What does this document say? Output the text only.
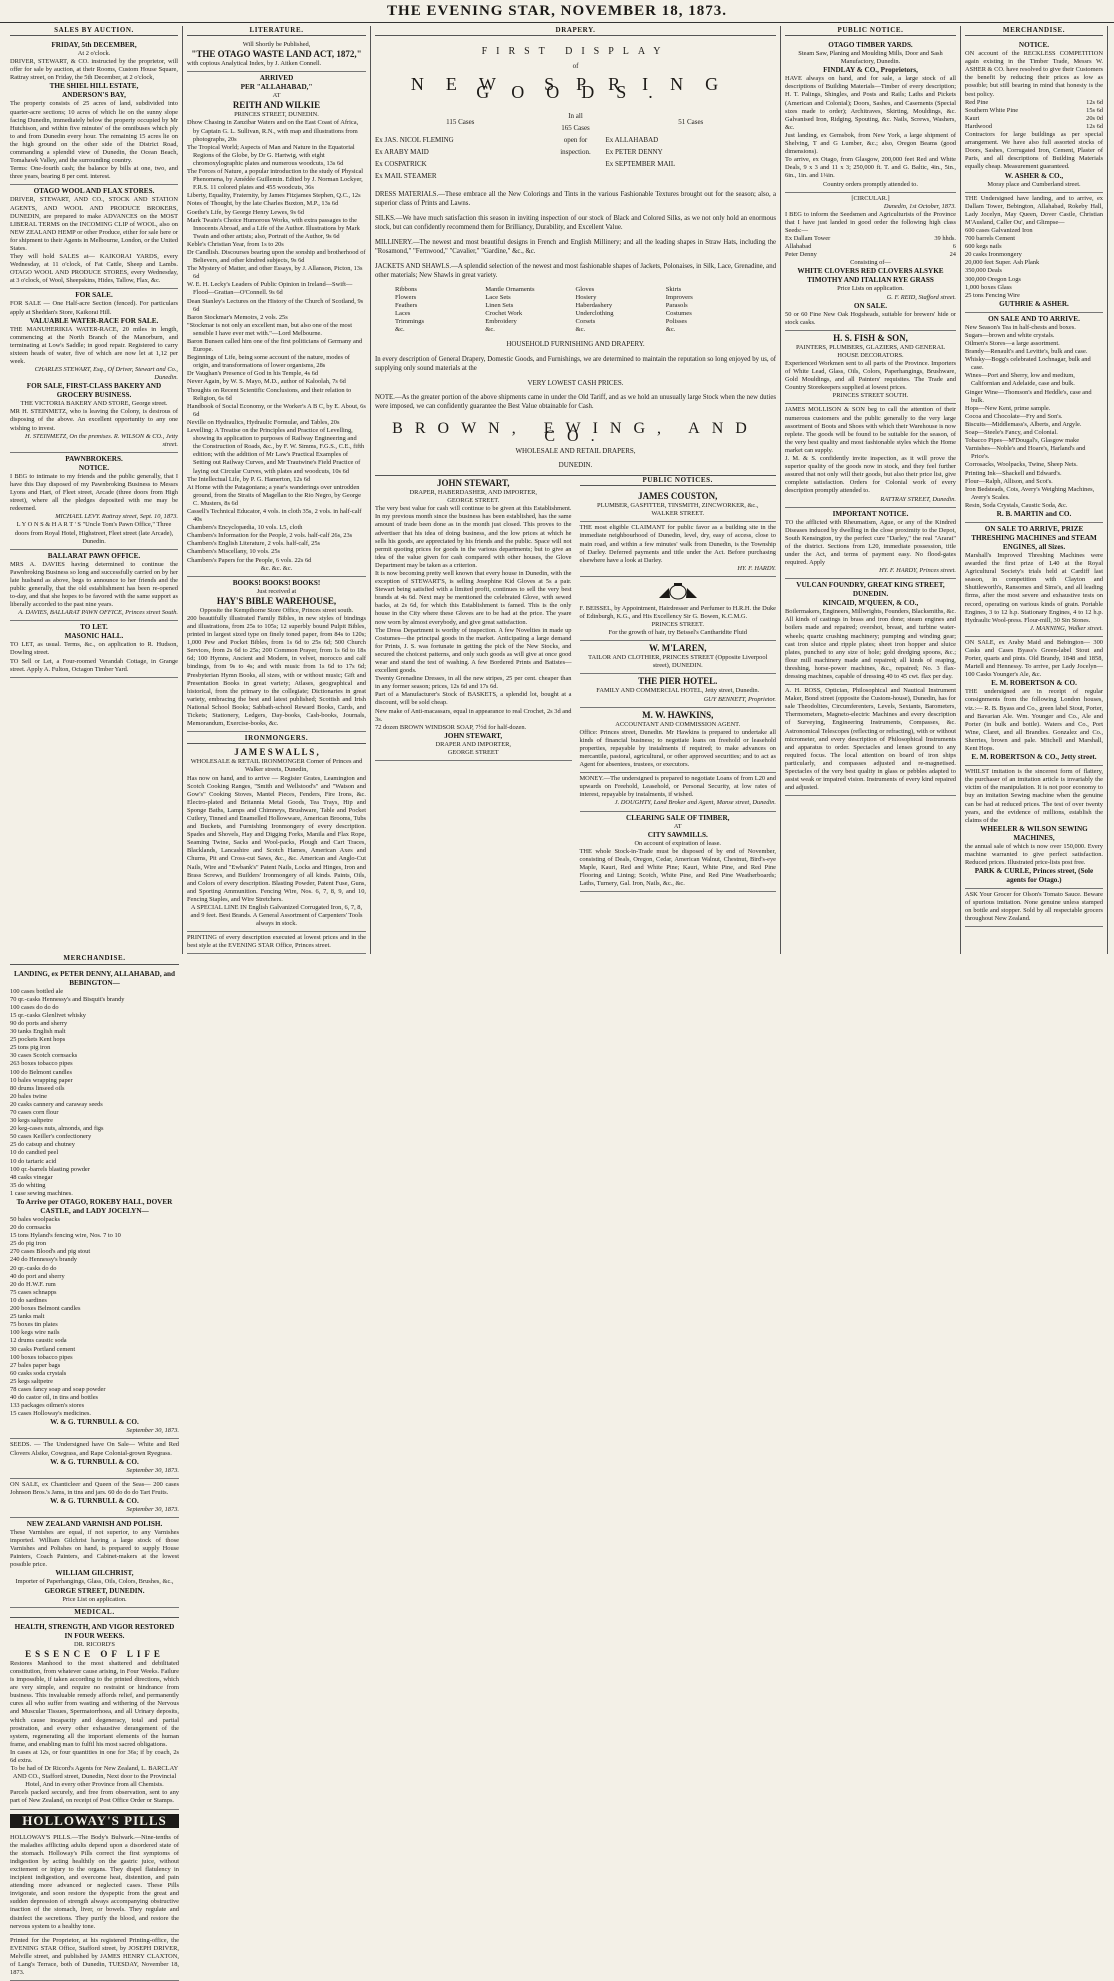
THE EVENING STAR, NOVEMBER 18, 1873.
SALES BY AUCTION.
FRIDAY, 5th DECEMBER,
At 2 o'clock.
DRIVER, STEWART, & CO. instructed by the proprietor, will offer for sale by auction, at their Rooms, Custom House Square, Rattray street, on Friday, the 5th December, at 2 o'clock,
THE SHIEL HILL ESTATE,
ANDERSON'S BAY,
The property consists of 25 acres of land, subdivided into quarter-acre sections; 10 acres of which lie on the sunny slope facing Dunedin, immediately below the property occupied by Mr Hutchison, and within five minutes' of the omnibuses which ply to and from Dunedin every hour. The remaining 15 acres lie on the high ground on the other side of the District Road, commanding a splendid view of Dunedin, the Ocean Beach, Tomahawk Valley, and the surrounding country.
Terms: One-fourth cash; the balance by bills at one, two, and three years, bearing 8 per cent. interest.
OTAGO WOOL AND FLAX STORES.
DRIVER, STEWART, AND CO., STOCK AND STATION AGENTS, AND WOOL AND PRODUCE BROKERS, DUNEDIN, are prepared to make ADVANCES on the MOST LIBERAL TERMS on the INCOMING CLIP of WOOL, also on NEW ZEALAND HEMP or other Produce, either for sale here or for shipment to their Agents in Melbourne, London, or the United States.
They will hold SALES at— KAIKORAI YARDS, every Wednesday, at 11 o'clock, of Fat Cattle, Sheep and Lambs. OTAGO WOOL AND PRODUCE STORES, every Wednesday, at 3 o'clock, of Wool, Sheepskins, Hides, Tallow, Flax, &c.
FOR SALE.
FOR SALE — One Half-acre Section (fenced). For particulars apply at Sheddan's Store, Kaikorai Hill.
VALUABLE WATER-RACE FOR SALE.
THE MANUHERIKIA WATER-RACE, 20 miles in length, commencing at the North Branch of the Manorburn, and terminating at Low's Saddle; in good repair. Registered to carry sixteen heads of water, five of which are now let at 1,12 per week.
CHARLES STEWART, Esq., Of Driver, Stewart and Co., Dunedin.
FOR SALE, FIRST-CLASS BAKERY AND GROCERY BUSINESS.
THE VICTORIA BAKERY AND STORE, George street.
MR H. STEINMETZ, who is leaving the Colony, is desirous of disposing of the above. An excellent opportunity to any one wishing to invest.
H. STEINMETZ, On the premises. R. WILSON & CO., Jetty street.
PAWNBROKERS.
NOTICE.
I BEG to intimate to my friends and the public generally, that I have this Day disposed of my Pawnbroking Business to Messrs Lyons and Hart, of Fleet street, Arcade (three doors from High street), where all the pledges deposited with me may be redeemed.
MICHAEL LEVY. Rattray street, Sept. 10, 1873.
L Y O N S & H A R T ' S "Uncle Tom's Pawn Office," Three doors from Royal Hotel, Highstreet, Fleet street (late Arcade), Dunedin.
BALLARAT PAWN OFFICE.
MRS A. DAVIES having determined to continue the Pawnbroking Business so long and successfully carried on by her late husband as above, begs to announce to her friends and the public generally, that the old establishment has been re-opened to-day, and that she hopes to be favored with the same support as liberally accorded to the past nine years.
A. DAVIES, BALLARAT PAWN OFFICE, Princes street South.
TO LET.
MASONIC HALL.
TO LET, as usual. Terms, &c., on application to R. Hudson, Dowling street.
TO Sell or Let, a Four-roomed Verandah Cottage, in Grange street. Apply A. Fulton, Octagon Timber Yard.
LITERATURE.
Will Shortly be Published,
"THE OTAGO WASTE LAND ACT, 1872,"
with copious Analytical Index, by J. Aitken Connell.
ARRIVED
PER "ALLAHABAD,"
AT
REITH AND WILKIE
PRINCES STREET, DUNEDIN.
Dhow Chasing in Zanzibar Waters and on the East Coast of Africa, by Captain G. L. Sullivan, R.N., with map and illustrations from photographs, 20s
The Tropical World; Aspects of Man and Nature in the Equatorial Regions of the Globe, by Dr G. Hartwig, with eight chromoxylographic plates and numerous woodcuts, 13s 6d
The Forces of Nature, a popular introduction to the study of Physical Phenomena, by Amédée Guillemin. Edited by J. Norman Lockyer, F.R.S. 11 colored plates and 455 woodcuts, 36s
Liberty, Equality, Fraternity, by James Fitzjames Stephen, Q.C., 12s
Notes of Thought, by the late Charles Buxton, M.P., 13s 6d
Goethe's Life, by George Henry Lewes, 9s 6d
Mark Twain's Choice Humorous Works, with extra passages to the Innocents Abroad, and a Life of the Author. Illustrations by Mark Twain and other artists; also, Portrait of the Author, 9s 6d
Keble's Christian Year, from 1s to 20s
Dr Candlish. Discourses bearing upon the sonship and brotherhood of Believers, and other kindred subjects, 9s 6d
The Mystery of Matter, and other Essays, by J. Allanson, Picton, 13s 6d
W. E. H. Lecky's Leaders of Public Opinion in Ireland—Swift—Flood—Grattan—O'Connell. 9s 6d
Dean Stanley's Lectures on the History of the Church of Scotland, 9s 6d
Baron Stockmar's Memoirs, 2 vols. 25s
"Stockmar is not only an excellent man, but also one of the most sensible I have ever met with."—Lord Melbourne.
Baron Bunsen called him one of the first politicians of Germany and Europe.
Beginnings of Life, being some account of the nature, modes of origin, and transformations of lower organisms, 28s
Dr Vaughan's Presence of God in his Temple, 4s 6d
Never Again, by W. S. Mayo, M.D., author of Kaloolah, 7s 6d
Thoughts on Recent Scientific Conclusions, and their relation to Religion, 6s 6d
Handbook of Social Economy, or the Worker's A B C, by E. About, 6s 6d
Neville on Hydraulics, Hydraulic Formulæ, and Tables, 20s
Levelling: A Treatise on the Principles and Practice of Levelling, showing its application to purposes of Railway Engineering and the Construction of Roads, &c., by F. W. Simms, F.G.S., C.E., fifth edition; with the addition of Mr Law's Practical Examples of Setting out Railway Curves, and Mr Trautwine's Field Practice of laying out Circular Curves, with plates and woodcuts, 10s 6d
The Intellectual Life, by P. G. Hamerton, 12s 6d
At Home with the Patagonians; a year's wanderings over untrodden ground, from the Straits of Magellan to the Rio Negro, by George C. Musters, 8s 6d
Cassell's Technical Educator, 4 vols. in cloth 35s, 2 vols. in half-calf 40s
Chambers's Encyclopædia, 10 vols. L5, cloth
Chambers's Information for the People, 2 vols. half-calf 26s, 23s
Chambers's English Literature, 2 vols. half-calf, 25s
Chambers's Miscellany, 10 vols. 25s
Chambers's Papers for the People, 6 vols. 22s 6d
&c. &c. &c.
BOOKS! BOOKS! BOOKS!
Just received at
HAY'S BIBLE WAREHOUSE,
Opposite the Kempthorne Store Office, Princes street south.
200 beautifully illustrated Family Bibles, in new styles of bindings and illustrations, from 25s to 105s; 12 superbly bound Pulpit Bibles, printed in largest sized type on finely toned paper, from 84s to 120s; 1,000 Pew and Pocket Bibles, from 1s 6d to 25s 6d; 500 Church Services, from 2s 6d to 25s; 200 Common Prayer, from 1s 6d to 18s 6d; 100 Hymns, Ancient and Modern, in velvet, morocco and calf bindings, from 9s to 4s; and with music from 1s 6d to 17s 6d; Presbyterian Hymn Books, all sizes, with or without music; Gift and Presentation Books in great variety; Atlases, geographical and historical, from the primary to the collegiate; Dictionaries in great variety, embracing the best and latest published; Scottish and Irish National School Books; Sabbath-school Reward Books, Cards, and Tickets; Stationery, Ledgers, Day-books, Cash-books, Journals, Memorandum, Exercise-books, &c.
IRONMONGERS.
J A M E S W A L L S ,
WHOLESALE & RETAIL IRONMONGER Corner of Princes and Walker streets, Dunedin,
Has now on hand, and to arrive — Register Grates, Leamington and Scotch Cooking Ranges, "Smith and Wellstood's" and "Watson and Gow's" Cooking Stoves, Mantel Pieces, Fenders, Fire Irons, &c. Electro-plated and Britannia Metal Goods, Tea Trays, Hip and Sponge Baths, Lamps and Chimneys, Brushware, Table and Pocket Cutlery, Tinned and Enamelled Hollowware, American Brooms, Tubs and Buckets, and Furnishing Ironmongery of every description. Spades and Shovels, Hay and Digging Forks, Manila and Flax Rope, Seaming Twine, Sacks and Wool-packs, Plough and Cart Traces, Blacklands, Lancashire and Scotch Hames, American Axes and Churns, Pit and Cross-cut Saws, &c., &c. American and Anglo-Cut Nails, Wire and "Ewbank's" Patent Nails, Locks and Hinges, Iron and Brass Screws, and Builders' Ironmongery of all kinds. Paints, Oils, and Colors of every description. Blasting Powder, Patent Fuse, Guns, and Sporting Ammunition. Fencing Wire, Nos. 6, 7, 8, 9, and 10, Fencing Staples, and Wire Stretchers.
A SPECIAL LINE IN English Galvanized Corrugated Iron, 6, 7, 8, and 9 feet. Best Brands. A General Assortment of Carpenters' Tools always in stock.
PRINTING of every description executed at lowest prices and in the best style at the EVENING STAR Office, Princes street.
DRAPERY.
FIRST DISPLAY
of
NEW SPRING GOODS.
115 Cases
Ex JAS. NICOL FLEMING
Ex ARABY MAID
Ex COSPATRICK
Ex MAIL STEAMER
In all
165 Cases
open for
inspection.
51 Cases
Ex ALLAHABAD
Ex PETER DENNY
Ex SEPTEMBER MAIL
DRESS MATERIALS.—These embrace all the New Colorings and Tints in the various Fashionable Textures brought out for the season; also, a superior class of Prints and Lawns.
SILKS.—We have much satisfaction this season in inviting inspection of our stock of Black and Colored Silks, as we not only hold an enormous stock, but can confidently recommend them for Brilliancy, Durability, and Excellent Value.
MILLINERY.—The newest and most beautiful designs in French and English Millinery; and all the leading shapes in Straw Hats, including the "Rosamond," "Fernwood," "Cavalier," "Gardine," &c., &c.
JACKETS AND SHAWLS.—A splendid selection of the newest and most fashionable shapes of Jackets, Polonaises, in Silk, Lace, Grenadine, and other materials; New Shawls in great variety.
Ribbons
Flowers
Feathers
Laces
Trimmings
&c.
Mantle Ornaments
Lace Sets
Linen Sets
Crochet Work
Embroidery
&c.
Gloves
Hosiery
Haberdashery
Underclothing
Corsets
&c.
Skirts
Improvers
Parasols
Costumes
Polisses
&c.
HOUSEHOLD FURNISHING AND DRAPERY.
In every description of General Drapery, Domestic Goods, and Furnishings, we are determined to maintain the reputation so long enjoyed by us, of supplying only sound materials at the
VERY LOWEST CASH PRICES.
NOTE.—As the greater portion of the above shipments came in under the Old Tariff, and as we hold an unusually large Stock when the new duties were imposed, we can confidently guarantee the Best Value obtainable for Cash.
BROWN, EWING, AND CO.
WHOLESALE AND RETAIL DRAPERS,
DUNEDIN.
JOHN STEWART,
DRAPER, HABERDASHER, AND IMPORTER,
GEORGE STREET.
The very best value for cash will continue to be given at this Establishment. In my previous month since the business has been established, has the same amount of trade been done as in the month just closed. This proves to the advertiser that his idea of doing business, and the low prices at which he sells his goods, are appreciated by his friends and the public. Space will not permit quoting prices for goods in the various departments; but to give an idea of the value given for cash compared with other houses, the Glove Department may be taken as a criterion.
It is now becoming pretty well known that every house in Dunedin, with the exception of STEWART'S, is selling Josephine Kid Gloves at 5s a pair. Stewart being satisfied with a limited profit, continues to sell the very best brands at 4s 6d. Next may be mentioned the celebrated Glove, with sewed backs, at 2s 6d, for which this Establishment is famed. This is the only house in the City where these Gloves are to be had at the price. The ysare now worn by almost everybody, and give great satisfaction.
The Dress Department is worthy of inspection. A few Novelties in made up Costumes—the principal goods in the market. Anticipating a large demand for Prints, J. S. was fortunate in getting the pick of the New Stocks, and secured the choicest patterns, and only such goods as will give at once good wear and stand the test of washing. A few Bordered Prints and Batistes—excellent goods.
Twenty Grenadine Dresses, in all the new stripes, 25 per cent. cheaper than in any former season; prices, 12s 6d and 17s 6d.
Part of a Manufacturer's Stock of BASKETS, a splendid lot, bought at a discount, will be sold cheap.
New make of Anti-macassars, equal in appearance to real Crochet, 2s 3d and 3s.
72 dozen BROWN WINDSOR SOAP, 7½d for half-dozen.
JOHN STEWART,
DRAPER AND IMPORTER,
GEORGE STREET
PUBLIC NOTICES.
JAMES COUSTON,
PLUMBER, GASFITTER, TINSMITH, ZINCWORKER, &c.,
WALKER STREET.
THE most eligible CLAIMANT for public favor as a building site in the immediate neighbourhood of Dunedin, level, dry, easy of access, close to main road, and within a few minutes' walk from Dunedin, is the Township of Darley. Deferred payments and title under the Act. Before purchasing elsewhere have a look at Darley.
HY. F. HARDY.
F. BEISSEL, by Appointment, Hairdresser and Perfumer to H.R.H. the Duke of Edinburgh, K.G., and His Excellency Sir G. Bowen, K.C.M.G.
PRINCES STREET.
For the growth of hair, try Beissel's Cantharidite Fluid
W. M'LAREN,
TAILOR AND CLOTHIER, PRINCES STREET (Opposite Liverpool street), DUNEDIN.
THE PIER HOTEL.
FAMILY AND COMMERCIAL HOTEL, Jetty street, Dunedin.
GUY BENNETT, Proprietor.
M. W. HAWKINS,
ACCOUNTANT AND COMMISSION AGENT.
Office: Princes street, Dunedin. Mr Hawkins is prepared to undertake all kinds of financial business; to negotiate loans on freehold or leasehold properties, repayable by instalments if required; to make advances on mercantile, pastoral, agricultural, or other approved securities; and to act as Agent for absentees, trustees, or executors.
MONEY.—The undersigned is prepared to negotiate Loans of from L20 and upwards on Freehold, Leasehold, or Personal Security, at low rates of interest, repayable by instalments, if wished.
J. DOUGHTY, Land Broker and Agent, Manse street, Dunedin.
CLEARING SALE OF TIMBER,
AT
CITY SAWMILLS.
On account of expiration of lease.
THE whole Stock-in-Trade must be disposed of by end of November, consisting of Deals, Oregon, Cedar, American Walnut, Chestnut, Bird's-eye Maple, Kauri, Red and White Pine; Kauri, White Pine, and Red Pine Flooring and Lining; Scotch, White Pine, and Red Pine Weatherboards; Laths, Turnery, Gal. Iron, Nails, &c., &c.
PUBLIC NOTICE.
OTAGO TIMBER YARDS.
Steam Saw, Planing and Moulding Mills, Door and Sash Manufactory, Dunedin.
FINDLAY & CO., Proprietors,
HAVE always on hand, and for sale, a large stock of all descriptions of Building Materials—Timber of every description; H. T. Palings, Shingles, and Posts and Rails; Laths and Pickets (American and Colonial); Doors, Sashes, and Casements (Special sizes made to order); Architraves, Skirting, Mouldings, &c. Galvanised Iron, Ridging, Spouting, &c. Nails, Screws, Washers, &c.
Just landing, ex Gemsbok, from New York, a large shipment of Shelving, T and G Lumber, &c.; also, Oregon Beams (good dimensions).
To arrive, ex Otago, from Glasgow, 200,000 feet Red and White Deals, 9 x 3 and 11 x 3; 250,000 ft. T. and G. Baltic, 4in., 5in., 6in., 1in. and 1¼in.
Country orders promptly attended to.
[CIRCULAR.]
Dunedin, 1st October, 1873.
I BEG to inform the Seedsmen and Agriculturists of the Province that I have just landed in good order the following high class Seeds:—
Ex Dallam Tower	39 hhds.
Allahabad	6
Peter Denny	24
Consisting of—
WHITE CLOVERS RED CLOVERS ALSYKE TIMOTHY AND ITALIAN RYE GRASS
Price Lists on application.
G. F. REID, Stafford street.
ON SALE.
50 or 60 Fine New Oak Hogsheads, suitable for brewers' hide or stock casks.
H. S. FISH & SON,
PAINTERS, PLUMBERS, GLAZIERS, AND GENERAL HOUSE DECORATORS.
Experienced Workmen sent to all parts of the Province. Importers of White Lead, Glass, Oils, Colors, Paperhangings, Brushware, Gold Mouldings, and all Painters' requisites. The Trade and Country Storekeepers supplied at lowest prices.
PRINCES STREET SOUTH.
JAMES MOLLISON & SON beg to call the attention of their numerous customers and the public generally to the very large assortment of Boots and Shoes with which their Warehouse is now replete. The goods will be found to be suitable for the season, of the very best quality and most fashionable styles which the Home market can supply.
J. M. & S. confidently invite inspection, as it will prove the superior quality of the goods now in stock, and they feel further assured that not only will their goods, but also their price list, give complete satisfaction. Orders for Colonial work of every description promptly attended to.
RATTRAY STREET, Dunedin.
IMPORTANT NOTICE.
TO the afflicted with Rheumatism, Ague, or any of the Kindred Diseases induced by dwelling in the close proximity to the Depot, South Kensington, try the perfect cure "Darley," the real "Ararat" of the district. Sections from L20, immediate possession, title under the Act, and terms of payment easy. No flood-gates required. Apply
HY. F. HARDY, Princes street.
VULCAN FOUNDRY, GREAT KING STREET, DUNEDIN.
KINCAID, M'QUEEN, & CO.,
Boilermakers, Engineers, Millwrights, Founders, Blacksmiths, &c.
All kinds of castings in brass and iron done; steam engines and boilers made and repaired; overshot, breast, and turbine water-wheels; quartz crushing machinery; pumping and winding gear; cast iron sluice and ripple plates; sheet iron hopper and sluice plates, punched to any size of hole; gold dredging spoons, &c.; flour mill machinery made and repaired; all kinds of reaping, threshing, horse-power machines, &c., repaired; No. 3 flax-dressing machines, capable of dressing 40 to 45 cwt. flax per day.
A. H. ROSS, Optician, Philosophical and Nautical Instrument Maker, Bond street (opposite the Custom-house), Dunedin, has for sale Theodolites, Circumferenters, Levels, Sextants, Barometers, Thermometers, Magneto-electric Machines and every description of Surveying, Engineering Instruments, Compasses, &c. Astronomical Telescopes (reflecting or refracting), with or without micrometer, and every description of Philosophical Instruments and apparatus to order. Spectacles and lenses ground to any required focus. The local attention on board of iron ships particularly, and compasses adjusted and re-magnetised. Spectacles of the very best quality in glass or pebbles adapted to assist weak or impaired vision. Instruments of every kind repaired and adjusted.
MERCHANDISE.
NOTICE.
ON account of the RECKLESS COMPETITION again existing in the Timber Trade, Messrs W. ASHER & CO. have resolved to give their Customers the benefit by reducing their prices as low as possible; but still bearing in mind that honesty is the best policy.
Red Pine	12s 6d
Southern White Pine	15s 6d
Kauri	20s 0d
Hardwood	12s 6d
Contractors for large buildings as per special arrangement. We have also full assorted stocks of Doors, Sashes, Corrugated Iron, Cement, Plaster of Paris, and all descriptions of Building Materials equally cheap. Measurement guaranteed.
W. ASHER & CO.,
Moray place and Cumberland street.
THE Undersigned have landing, and to arrive, ex Dallam Tower, Bebington, Allahabad, Rokeby Hall, Lady Jocelyn, May Queen, Dover Castle, Christian M'Ausland, Caller Ou', and Glimpse—
600 cases Galvanized Iron
700 barrels Cement
600 kegs nails
20 casks Ironmongery
20,000 feet Super. Ash Plank
350,000 Deals
300,000 Oregon Logs
1,000 boxes Glass
25 tons Fencing Wire
GUTHRIE & ASHER.
ON SALE AND TO ARRIVE.
New Season's Tea in half-chests and boxes.
Sugars—brown and white crystals.
Oilmen's Stores—a large assortment.
Brandy—Renault's and Levitte's, bulk and case.
Whisky—Bogg's celebrated Lochnagar, bulk and case.
Wines—Port and Sherry, low and medium, Californian and Adelaide, case and bulk.
Ginger Wine—Thomson's and Heddle's, case and bulk.
Hops—New Kent, prime sample.
Cocoa and Chocolate—Fry and Son's.
Biscuits—Middlemass's, Alberts, and Argyle.
Soap—Steele's Fancy, and Colonial.
Tobacco Pipes—M'Dougal's, Glasgow make
Varnishes—Noble's and Hoare's, Harland's and Price's.
Corrosacks, Woolpacks, Twine, Sheep Nets.
Printing Ink—Shackell and Edward's.
Flour—Ralph, Allison, and Scot's.
Iron Bedsteads, Cots, Avery's Weighing Machines, Avery's Scales.
Resin, Soda Crystals, Caustic Soda, &c.
R. B. MARTIN and CO.
ON SALE TO ARRIVE, PRIZE THRESHING MACHINES and STEAM ENGINES, all Sizes.
Marshall's Improved Threshing Machines were awarded the first prize of L40 at the Royal Agricultural Society's trials held at Cardiff last season, in competition with Clayton and Shuttleworth's, Ransomes and Sims's, and all leading firms, after the most severe and exhaustive tests on record, operating on various kinds of grain. Portable Engines, 3 to 12 h.p. Stationary Engines, 4 to 12 h.p. Hydraulic Wool-press. Flour-mill, 30 Sin Stones.
J. MANNING, Walker street.
ON SALE, ex Araby Maid and Bebington— 300 Casks and Cases Byass's Green-label Stout and Porter, quarts and pints. Old Brandy, 1848 and 1858, Martell and Hennessy. To arrive, per Lady Jocelyn— 100 Casks Younger's Ale, &c.
E. M. ROBERTSON & CO.
THE undersigned are in receipt of regular consignments from the following London houses, viz.:— R. B. Byass and Co., green label Stout, Porter, and Bavarian Ale. Wm. Younger and Co., Ale and Porter (in bulk and bottle). Waters and Co., Port Wine, Claret, and all Brandies. Gonzalez and Co., Sherries, brown and pale. Mitchell and Marshall, Kent Hops.
E. M. ROBERTSON & CO., Jetty street.
WHILST imitation is the sincerest form of flattery, the purchaser of an imitation article is invariably the victim of the manipulation. It is not poor economy to buy an imitation Sewing machine when the genuine can be had at reduced prices. The test of over twenty years, and the evidence of millions, establish the claims of the
WHEELER & WILSON SEWING MACHINES,
the annual sale of which is now over 150,000. Every machine warranted to give perfect satisfaction. Reduced prices. Illustrated price-lists post free.
PARK & CURLE, Princes street, (Sole agents for Otago.)
ASK Your Grocer for Olson's Tomato Sauce. Beware of spurious imitation. None genuine unless stamped on bottle and stopper. Sold by all respectable grocers throughout New Zealand.
MERCHANDISE.
LANDING, ex PETER DENNY, ALLAHABAD, and BEBINGTON—
100 cases bottled ale
70 qr.-casks Hennessy's and Bisquit's brandy
100 cases do do do
15 qr.-casks Glenlivet whisky
90 do ports and sherry
30 tanks English malt
25 pockets Kent hops
25 tons pig iron
30 cases Scotch cornsacks
263 boxes tobacco pipes
100 do Belmont candles
10 bales wrapping paper
80 drums linseed oils
20 bales twine
20 casks cannery and caraway seeds
70 cases corn flour
30 kegs saltpetre
20 keg-cases nuts, almonds, and figs
50 cases Keiller's confectionery
25 do catsup and chutney
10 do candied peel
10 do tartaric acid
100 qr.-barrels blasting powder
48 casks vinegar
35 do whiting
1 case sewing machines.
To Arrive per OTAGO, ROKEBY HALL, DOVER CASTLE, and LADY JOCELYN—
50 bales woolpacks
20 do cornsacks
15 tons Hyland's fencing wire, Nos. 7 to 10
25 do pig iron
270 cases Blood's and pig stout
240 do Hennessy's brandy
20 qr.-casks do do
40 do port and sherry
20 do H.W.F. rum
75 cases schnapps
10 do sardines
200 boxes Belmont candles
25 tanks malt
75 boxes tin plates
100 kegs wire nails
12 drums caustic soda
30 casks Portland cement
100 boxes tobacco pipes
27 bales paper bags
60 casks soda crystals
25 kegs saltpetre
78 cases fancy soap and soap powder
40 do castor oil, in tins and bottles
133 packages oilmen's stores
15 cases Holloway's medicines.
W. & G. TURNBULL & CO.
September 30, 1873.
SEEDS. — The Undersigned have On Sale— White and Red Clovers Alsike, Cowgrass, and Rape Colonial-grown Ryegrass.
W. & G. TURNBULL & CO.
September 30, 1873.
ON SALE, ex Chanticleer and Queen of the Seas— 200 cases Johnson Bros.'s Jams, in tins and jars. 60 do do do Tart Fruits.
W. & G. TURNBULL & CO.
September 30, 1873.
NEW ZEALAND VARNISH AND POLISH.
These Varnishes are equal, if not superior, to any Varnishes imported. William Gilchrist having a large stock of those Varnishes and Polishes on hand, is prepared to supply House Painters, Coach Painters, and Cabinet-makers at the lowest possible price.
WILLIAM GILCHRIST,
Importer of Paperhangings, Glass, Oils, Colors, Brushes, &c.,
GEORGE STREET, DUNEDIN.
Price List on application.
MEDICAL.
HEALTH, STRENGTH, AND VIGOR RESTORED IN FOUR WEEKS.
DR. RICORD'S
ESSENCE OF LIFE
Restores Manhood to the most shattered and debilitated constitution, from whatever cause arising, in Four Weeks. Failure is impossible, if taken according to the printed directions, which are very simple, and require no restraint or hindrance from business. This invaluable remedy affords relief, and permanently cures all who suffer from wasting and withering of the Nervous and Muscular Tissues, Spermatorrhoea, and all Urinary deposits, which cause incapacity and degeneracy, total and partial prostration, and every other exhaustive derangement of the system, regenerating all the important elements of the human frame, and enabling man to fulfil his most sacred obligations.
In cases at 12s, or four quantities in one for 36s; if by coach, 2s 6d extra.
To be had of Dr Ricord's Agents for New Zealand, L. BARCLAY AND CO., Stafford street, Dunedin, Next door to the Provincial Hotel, And in every other Province from all Chemists.
Parcels packed securely, and free from observation, sent to any part of New Zealand, on receipt of Post Office Order or Stamps.
HOLLOWAY'S PILLS
HOLLOWAY'S PILLS.—The Body's Bulwark.—Nine-tenths of the maladies afflicting adults depend upon a disordered state of the stomach. Holloway's Pills correct the first symptoms of indigestion by acting healthily on the gastric juice, without excitement or injury to the organs. They dispel flatulency in incipient indigestion, and overcome heat, distention, and pain attending more advanced or neglected cases. These Pills invigorate, and soon restore the dyspeptic from the great and sudden depression of strength always accompanying obstructive inaction of the stomach, liver, or bowels. They regulate and disinfect the secretions. They purify the blood, and restore the nervous system to a healthy tone.
Printed for the Proprietor, at his registered Printing-office, the EVENING STAR Office, Stafford street, by JOSEPH DRIVER, Melville street, and published by JAMES HENRY CLAXTON, of Lang's Terrace, both of Dunedin, TUESDAY, November 18, 1873.
